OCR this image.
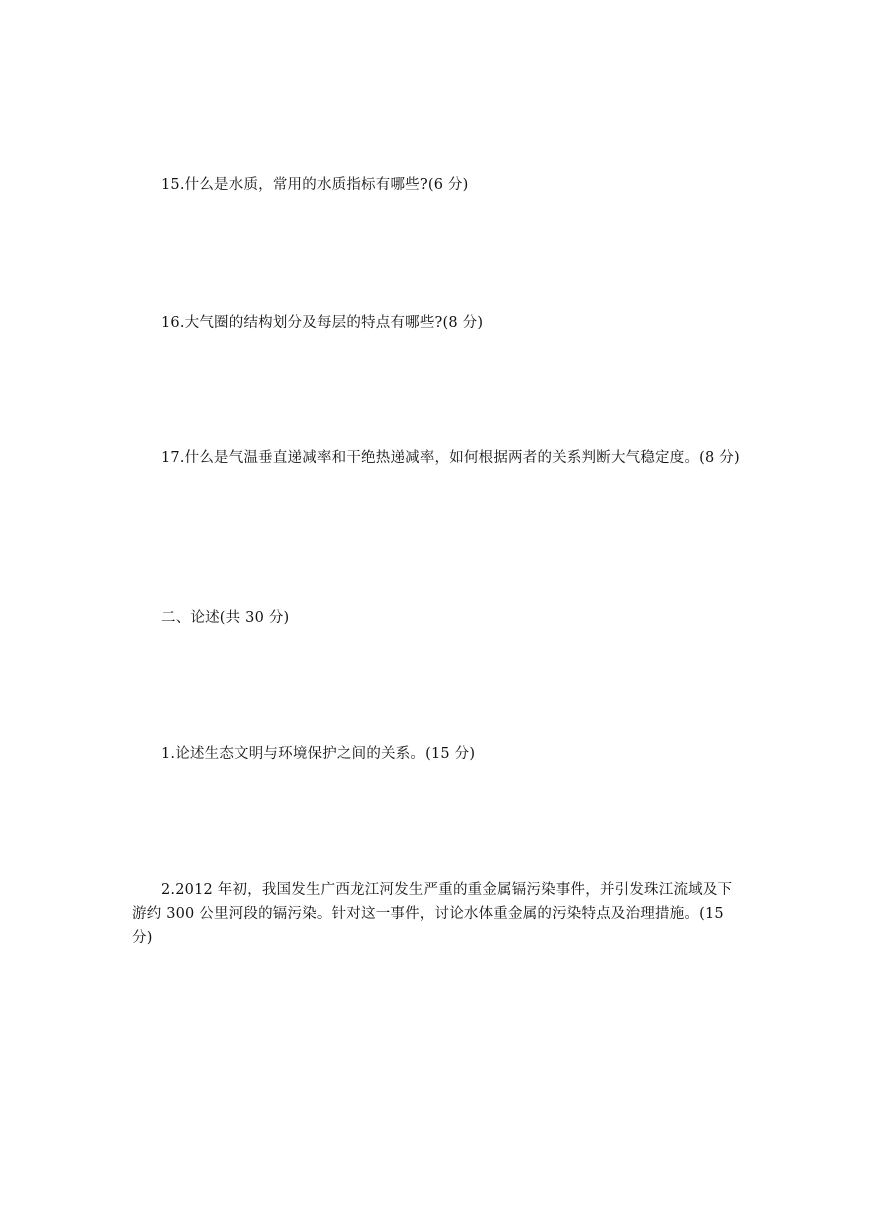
15.什么是水质，常用的水质指标有哪些?(6 分)

16.大气圈的结构划分及每层的特点有哪些?(8 分)

17.什么是气温垂直递减率和干绝热递减率，如何根据两者的关系判断大气稳定度。(8 分)

二、论述(共 30 分)

1.论述生态文明与环境保护之间的关系。(15 分)

2.2012 年初，我国发生广西龙江河发生严重的重金属镉污染事件，并引发珠江流域及下游约 300 公里河段的镉污染。针对这一事件，讨论水体重金属的污染特点及治理措施。(15 分)
